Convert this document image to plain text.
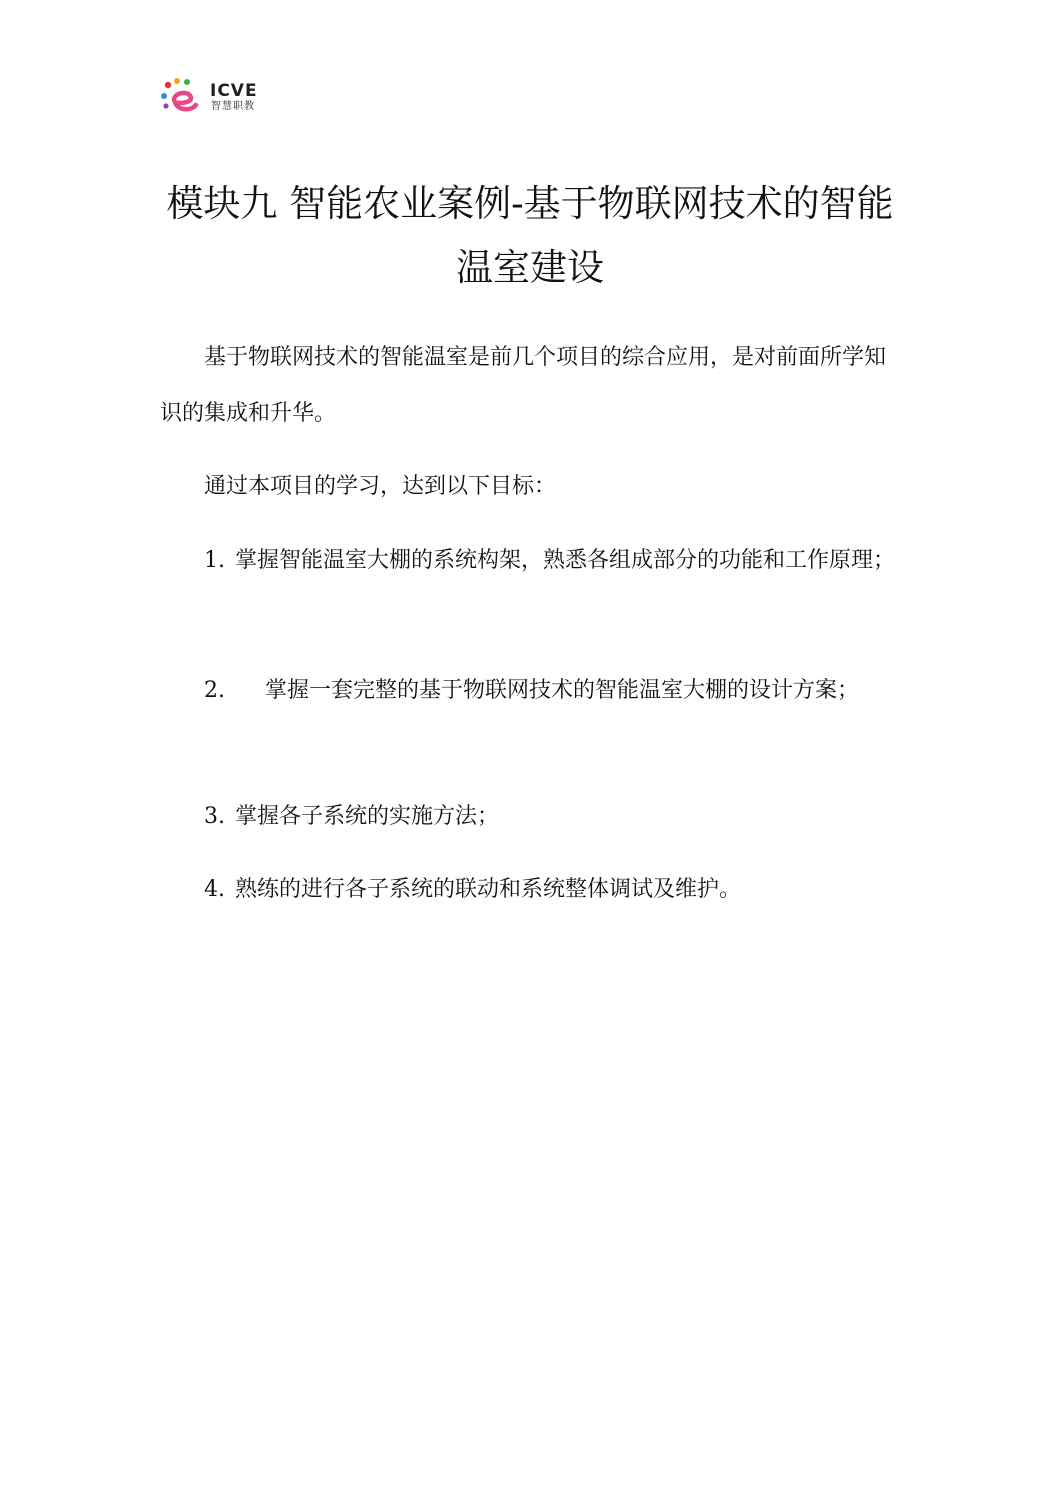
ICVE
智慧职教
模块九 智能农业案例-基于物联网技术的智能温室建设

基于物联网技术的智能温室是前几个项目的综合应用，是对前面所学知识的集成和升华。

通过本项目的学习，达到以下目标：

1. 掌握智能温室大棚的系统构架，熟悉各组成部分的功能和工作原理；

2. 掌握一套完整的基于物联网技术的智能温室大棚的设计方案；

3. 掌握各子系统的实施方法；

4. 熟练的进行各子系统的联动和系统整体调试及维护。
